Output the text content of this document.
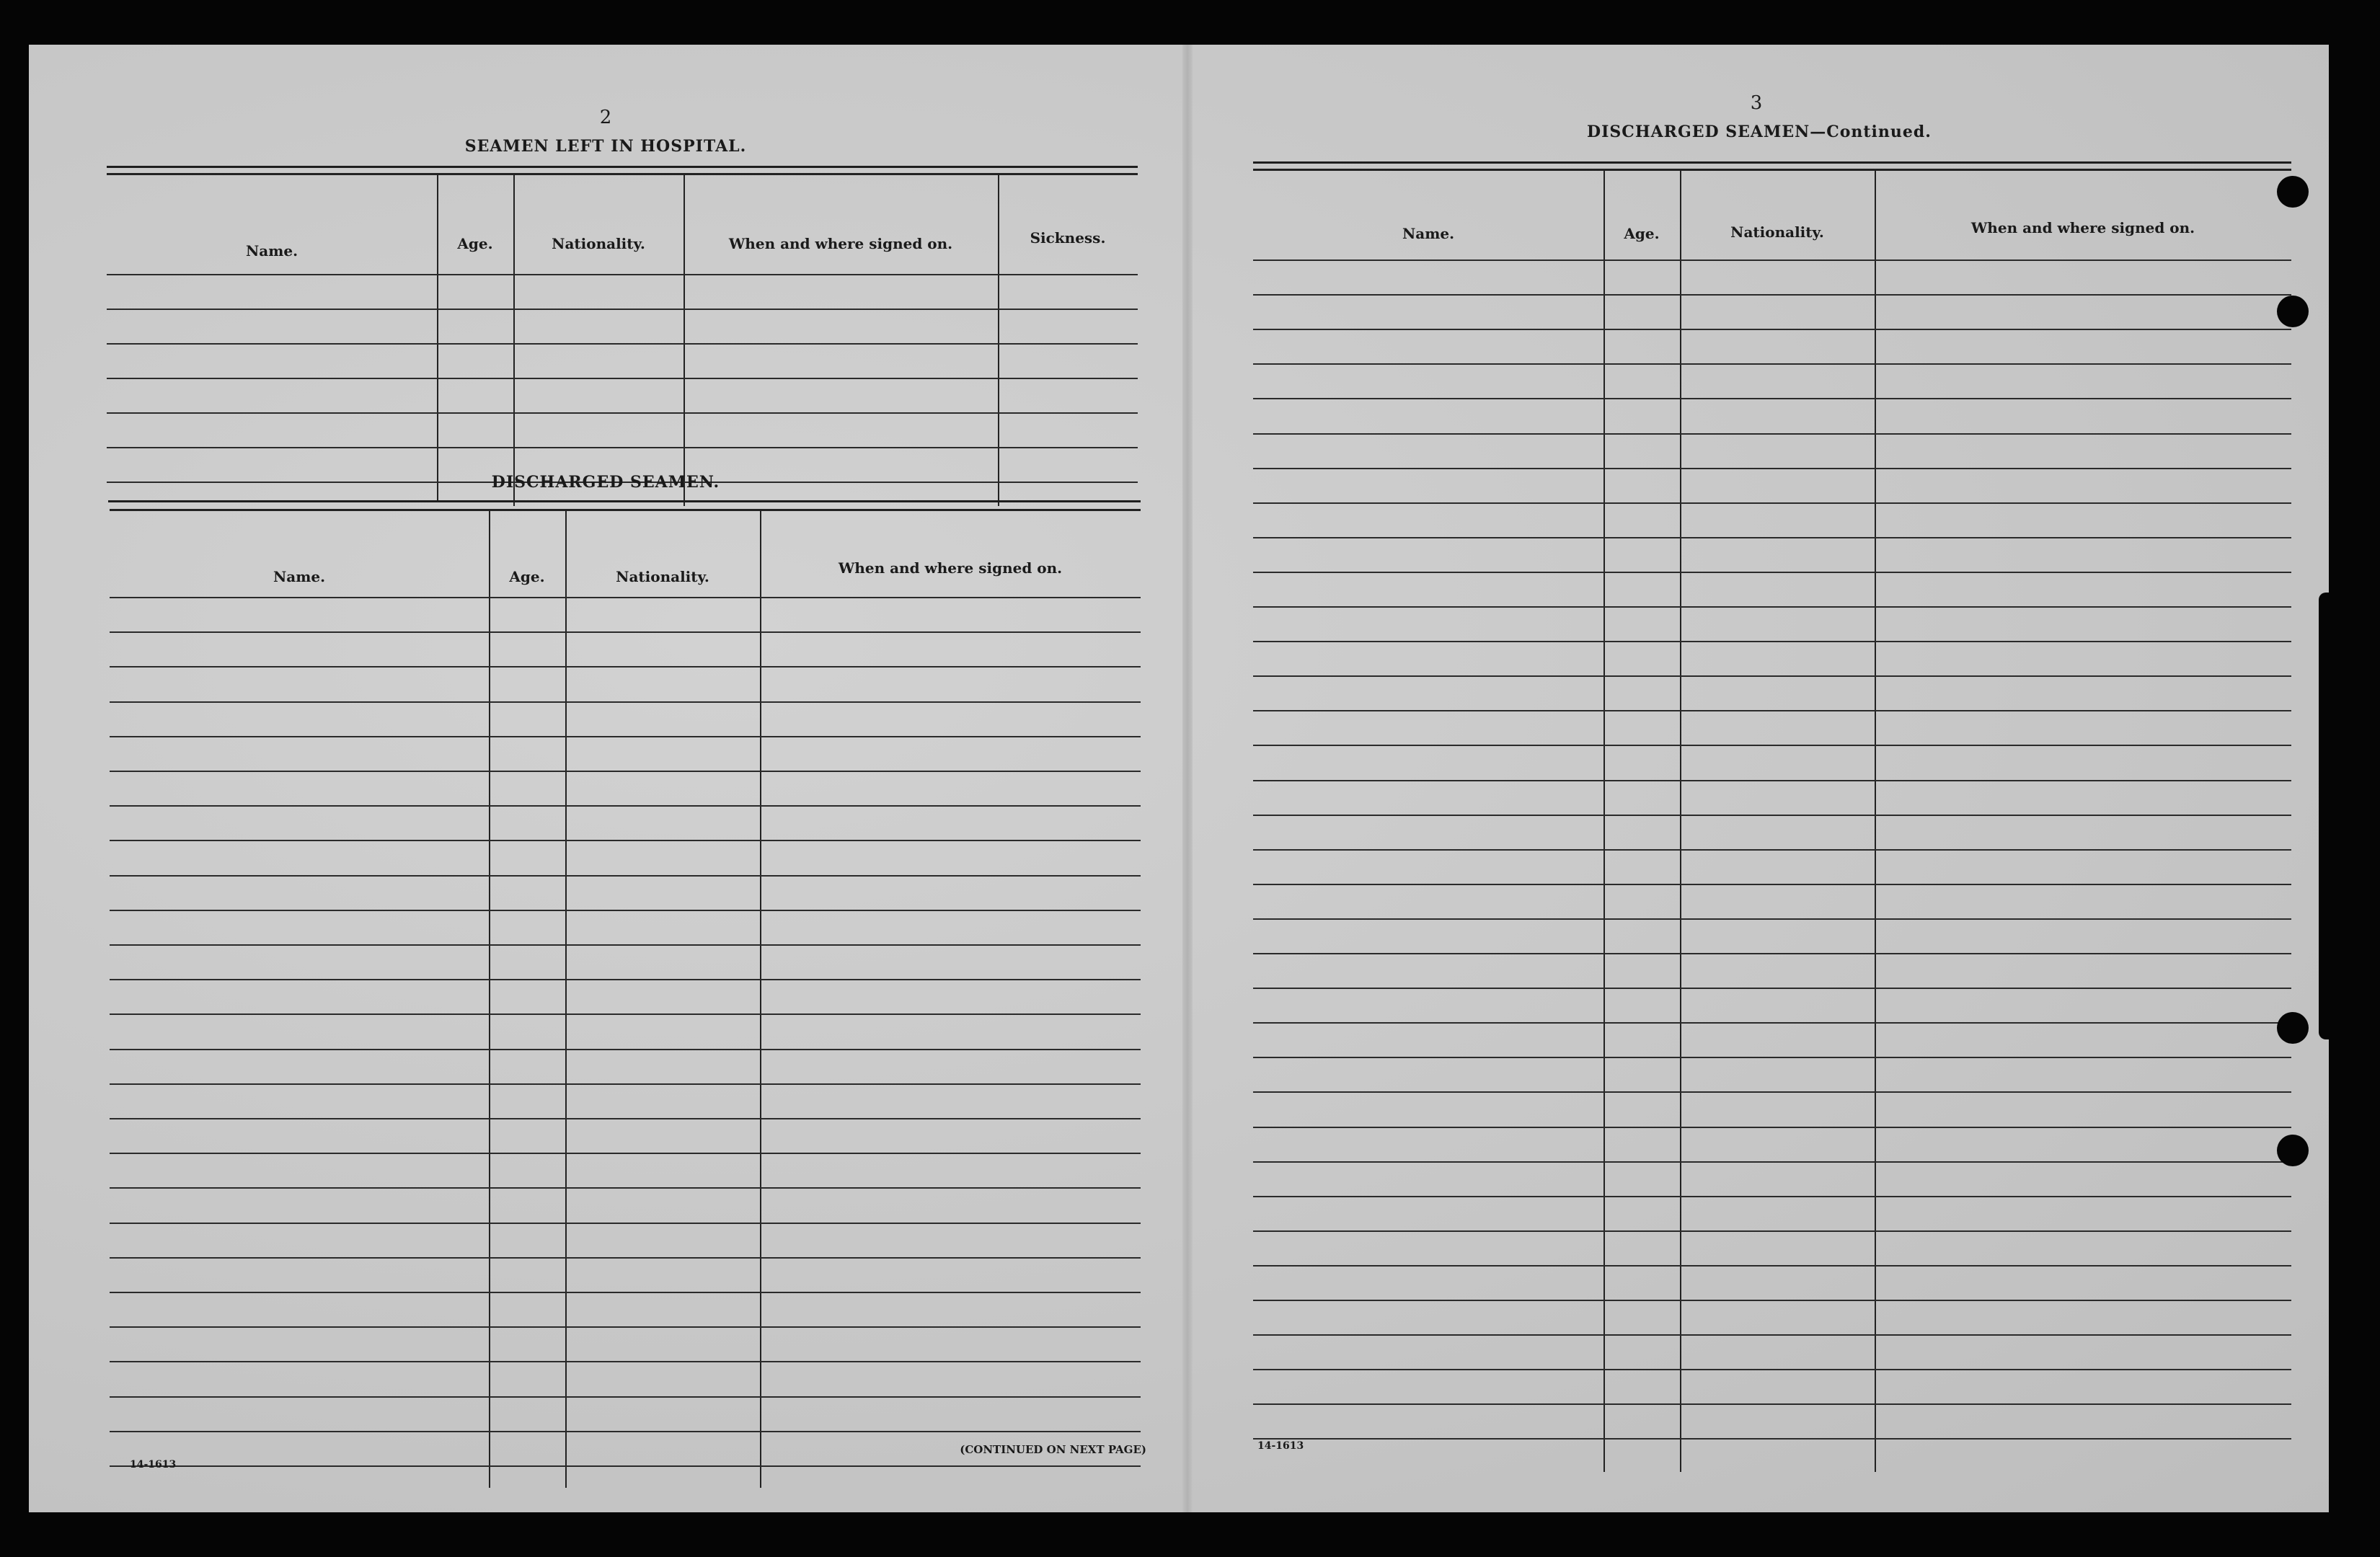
2
SEAMEN LEFT IN HOSPITAL.
Name.	Age.	Nationality.	When and where signed on.	Sickness.
DISCHARGED SEAMEN.
Name.	Age.	Nationality.	When and where signed on.
14-1613
(CONTINUED ON NEXT PAGE)
3
DISCHARGED SEAMEN—Continued.
Name.	Age.	Nationality.	When and where signed on.
14-1613
